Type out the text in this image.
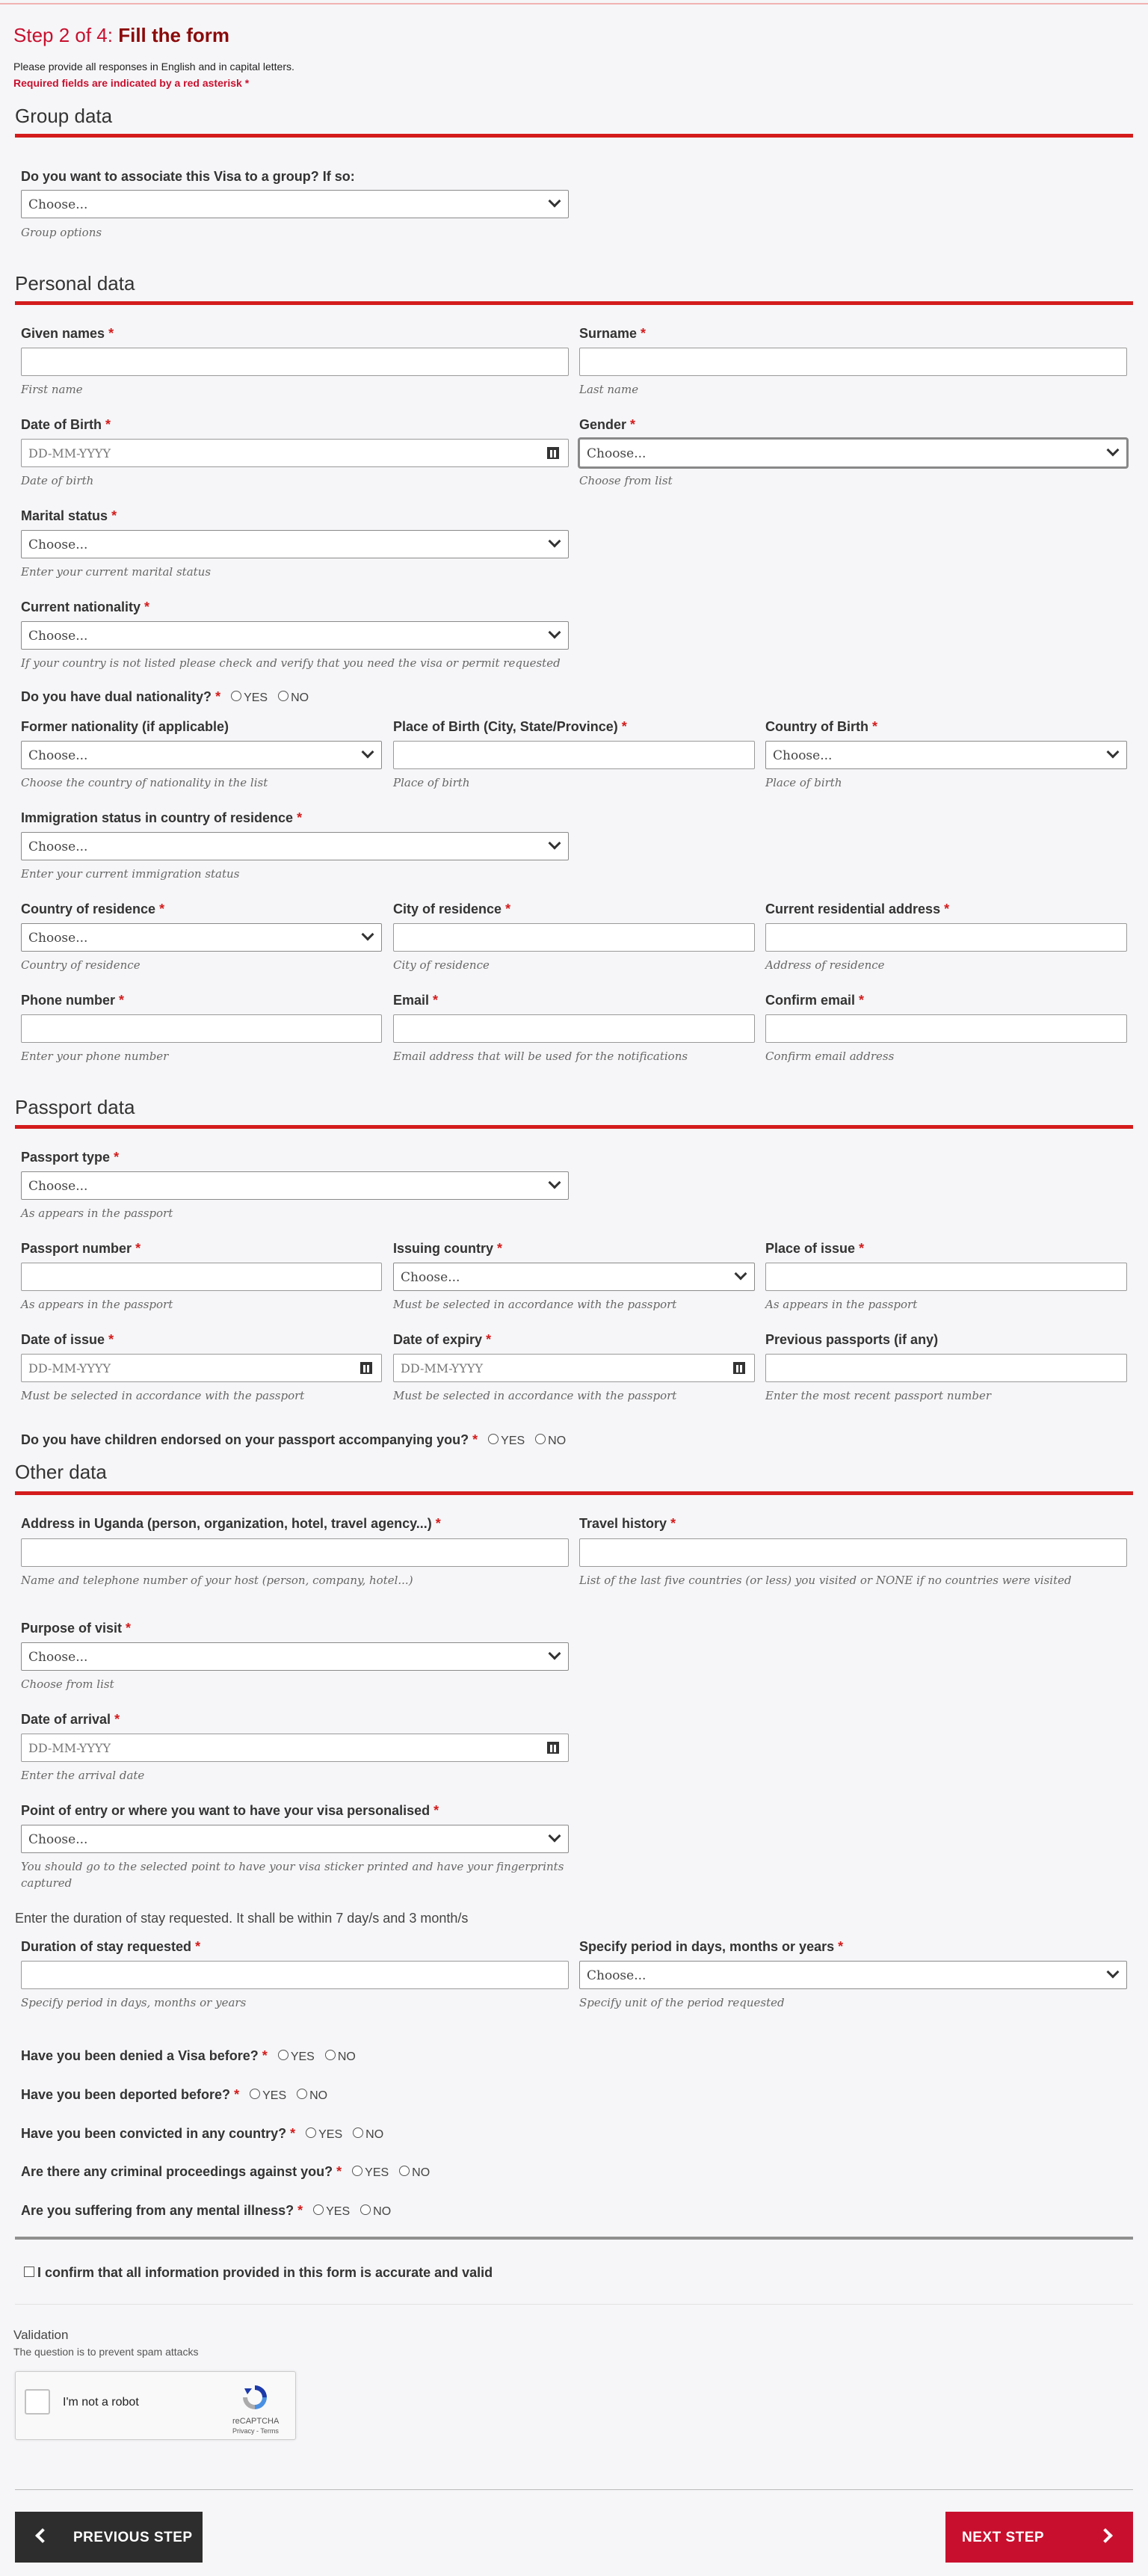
Step 2 of 4: Fill the form
Please provide all responses in English and in capital letters.
Required fields are indicated by a red asterisk *
Group data
Do you want to associate this Visa to a group? If so:
Choose...
Group options
Personal data
Given names *
First name
Surname *
Last name
Date of Birth *
DD-MM-YYYY
Date of birth
Gender *
Choose...
Choose from list
Marital status *
Choose...
Enter your current marital status
Current nationality *
Choose...
If your country is not listed please check and verify that you need the visa or permit requested
Do you have dual nationality? * YES NO
Former nationality (if applicable)
Choose...
Choose the country of nationality in the list
Place of Birth (City, State/Province) *
Place of birth
Country of Birth *
Choose...
Place of birth
Immigration status in country of residence *
Choose...
Enter your current immigration status
Country of residence *
Choose...
Country of residence
City of residence *
City of residence
Current residential address *
Address of residence
Phone number *
Enter your phone number
Email *
Email address that will be used for the notifications
Confirm email *
Confirm email address
Passport data
Passport type *
Choose...
As appears in the passport
Passport number *
As appears in the passport
Issuing country *
Choose...
Must be selected in accordance with the passport
Place of issue *
As appears in the passport
Date of issue *
DD-MM-YYYY
Must be selected in accordance with the passport
Date of expiry *
DD-MM-YYYY
Must be selected in accordance with the passport
Previous passports (if any)
Enter the most recent passport number
Do you have children endorsed on your passport accompanying you? * YES NO
Other data
Address in Uganda (person, organization, hotel, travel agency...) *
Name and telephone number of your host (person, company, hotel...)
Travel history *
List of the last five countries (or less) you visited or NONE if no countries were visited
Purpose of visit *
Choose...
Choose from list
Date of arrival *
DD-MM-YYYY
Enter the arrival date
Point of entry or where you want to have your visa personalised *
Choose...
You should go to the selected point to have your visa sticker printed and have your fingerprints
captured
Enter the duration of stay requested. It shall be within 7 day/s and 3 month/s
Duration of stay requested *
Specify period in days, months or years
Specify period in days, months or years *
Choose...
Specify unit of the period requested
Have you been denied a Visa before? * YES NO
Have you been deported before? * YES NO
Have you been convicted in any country? * YES NO
Are there any criminal proceedings against you? * YES NO
Are you suffering from any mental illness? * YES NO
I confirm that all information provided in this form is accurate and valid
Validation
The question is to prevent spam attacks
I'm not a robot
reCAPTCHA
Privacy - Terms
PREVIOUS STEP	NEXT STEP
